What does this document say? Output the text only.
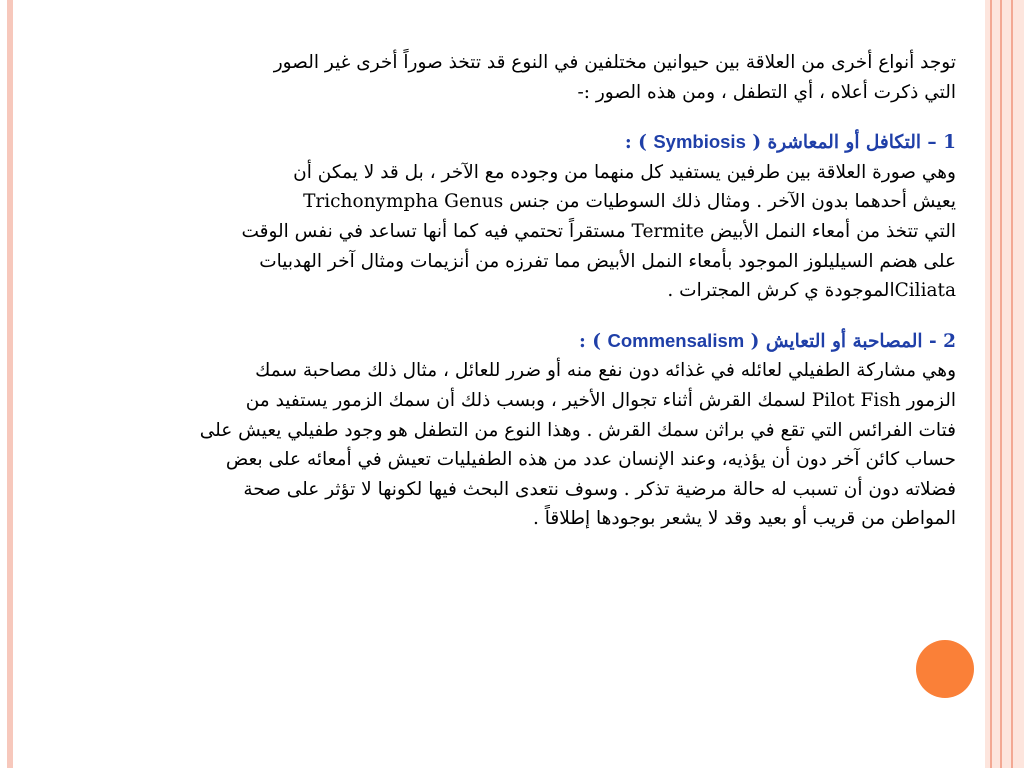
توجد أنواع أخرى من العلاقة بين حيوانين مختلفين في النوع قد تتخذ صوراً أخرى غير الصور

التي ذكرت أعلاه ، أي التطفل ، ومن هذه الصور :-

1 – التكافل أو المعاشرة ( Symbiosis ) :

وهي صورة العلاقة بين طرفين يستفيد كل منهما من وجوده مع الآخر ، بل قد لا يمكن أن

يعيش أحدهما بدون الآخر . ومثال ذلك السوطيات من جنس Trichonympha Genus

التي تتخذ من أمعاء النمل الأبيض Termite مستقراً تحتمي فيه كما أنها تساعد في نفس الوقت

على هضم السيليلوز الموجود بأمعاء النمل الأبيض مما تفرزه من أنزيمات ومثال آخر الهدبيات

Ciliataالموجودة ي كرش المجترات .

2 - المصاحبة أو التعايش ( Commensalism ) :

وهي مشاركة الطفيلي لعائله في غذائه دون نفع منه أو ضرر للعائل ، مثال ذلك مصاحبة سمك

الزمور Pilot Fish لسمك القرش أثناء تجوال الأخير ، وبسب ذلك أن سمك الزمور يستفيد من

فتات الفرائس التي تقع في براثن سمك القرش . وهذا النوع من التطفل هو وجود طفيلي يعيش على

حساب كائن آخر دون أن يؤذيه، وعند الإنسان عدد من هذه الطفيليات تعيش في أمعائه على بعض

فضلاته دون أن تسبب له حالة مرضية تذكر . وسوف نتعدى البحث فيها لكونها لا تؤثر على صحة

المواطن من قريب أو بعيد وقد لا يشعر بوجودها إطلاقاً .
